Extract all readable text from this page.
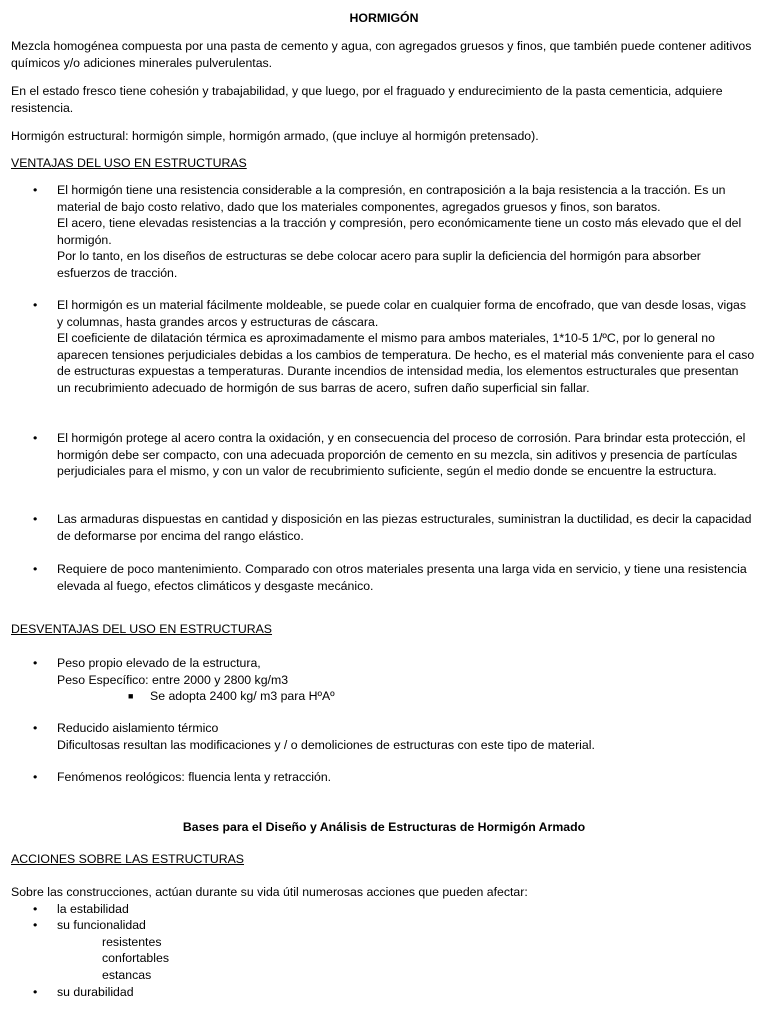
HORMIGÓN
Mezcla homogénea compuesta por una pasta de cemento y agua, con agregados gruesos y finos, que también puede contener aditivos químicos y/o adiciones minerales pulverulentas.
En el estado fresco tiene cohesión y trabajabilidad, y que luego, por el fraguado y endurecimiento de la pasta cementicia, adquiere resistencia.
Hormigón estructural: hormigón simple, hormigón armado, (que incluye al hormigón pretensado).
VENTAJAS DEL USO EN ESTRUCTURAS
• El hormigón tiene una resistencia considerable a la compresión, en contraposición a la baja resistencia a la tracción. Es un material de bajo costo relativo, dado que los materiales componentes, agregados gruesos y finos, son baratos.
El acero, tiene elevadas resistencias a la tracción y compresión, pero económicamente tiene un costo más elevado que el del hormigón.
Por lo tanto, en los diseños de estructuras se debe colocar acero para suplir la deficiencia del hormigón para absorber esfuerzos de tracción.
• El hormigón es un material fácilmente moldeable, se puede colar en cualquier forma de encofrado, que van desde losas, vigas y columnas, hasta grandes arcos y estructuras de cáscara.
El coeficiente de dilatación térmica es aproximadamente el mismo para ambos materiales, 1*10-5 1/ºC, por lo general no aparecen tensiones perjudiciales debidas a los cambios de temperatura. De hecho, es el material más conveniente para el caso de estructuras expuestas a temperaturas. Durante incendios de intensidad media, los elementos estructurales que presentan un recubrimiento adecuado de hormigón de sus barras de acero, sufren daño superficial sin fallar.
• El hormigón protege al acero contra la oxidación, y en consecuencia del proceso de corrosión. Para brindar esta protección, el hormigón debe ser compacto, con una adecuada proporción de cemento en su mezcla, sin aditivos y presencia de partículas perjudiciales para el mismo, y con un valor de recubrimiento suficiente, según el medio donde se encuentre la estructura.
• Las armaduras dispuestas en cantidad y disposición en las piezas estructurales, suministran la ductilidad, es decir la capacidad de deformarse por encima del rango elástico.
• Requiere de poco mantenimiento. Comparado con otros materiales presenta una larga vida en servicio, y tiene una resistencia elevada al fuego, efectos climáticos y desgaste mecánico.
DESVENTAJAS DEL USO EN ESTRUCTURAS
• Peso propio elevado de la estructura,
Peso Específico: entre 2000 y 2800 kg/m3
■ Se adopta 2400 kg/ m3 para HºAº
• Reducido aislamiento térmico
Dificultosas resultan las modificaciones y / o demoliciones de estructuras con este tipo de material.
• Fenómenos reológicos: fluencia lenta y retracción.
Bases para el Diseño y Análisis de Estructuras de Hormigón Armado
ACCIONES SOBRE LAS ESTRUCTURAS
Sobre las construcciones, actúan durante su vida útil numerosas acciones que pueden afectar:
• la estabilidad
• su funcionalidad
resistentes
confortables
estancas
• su durabilidad
